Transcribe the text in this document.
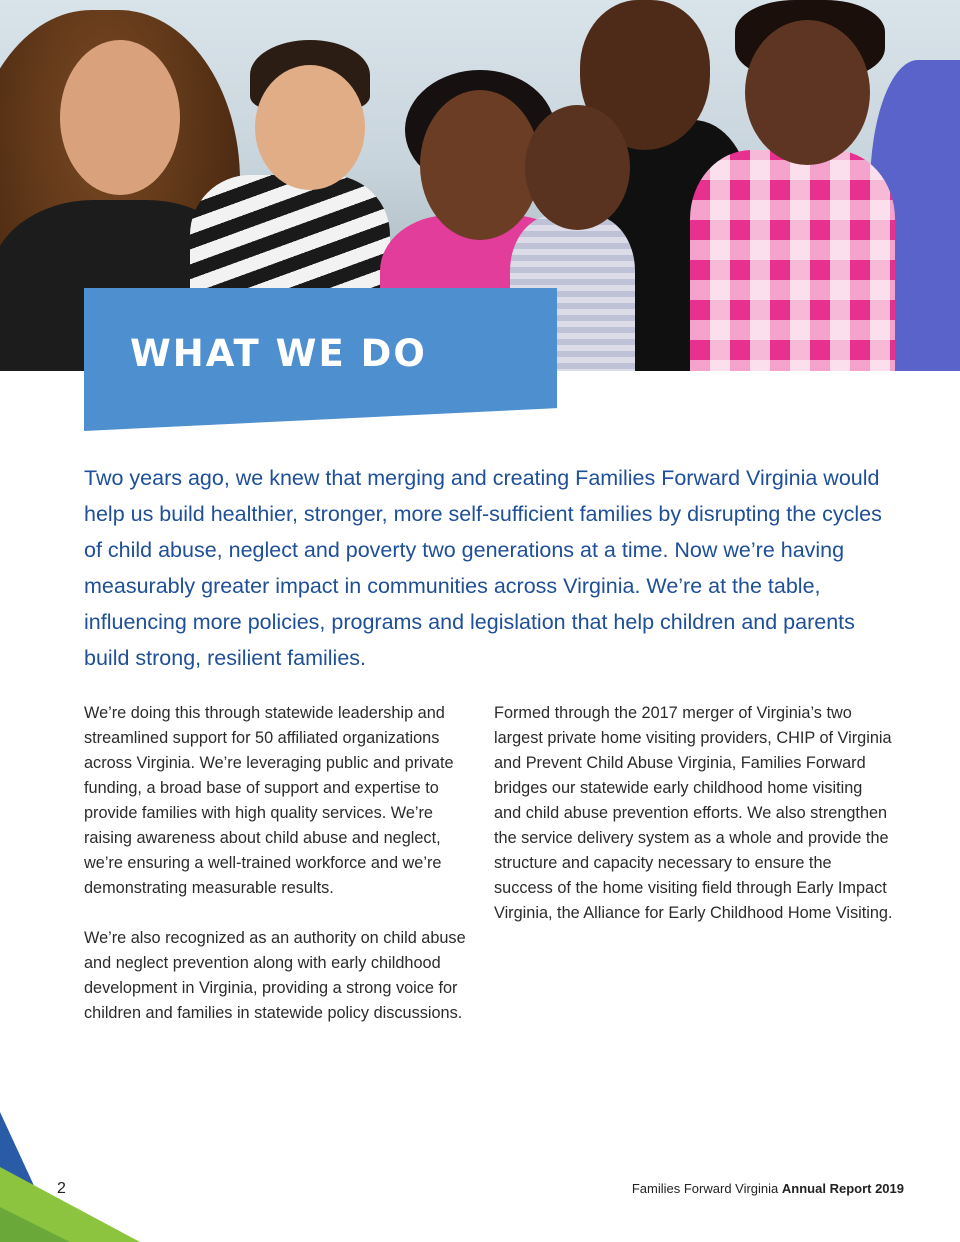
WHAT WE DO

Two years ago, we knew that merging and creating Families Forward Virginia would help us build healthier, stronger, more self-sufficient families by disrupting the cycles of child abuse, neglect and poverty two generations at a time. Now we’re having measurably greater impact in communities across Virginia. We’re at the table, influencing more policies, programs and legislation that help children and parents build strong, resilient families.

We’re doing this through statewide leadership and streamlined support for 50 affiliated organizations across Virginia. We’re leveraging public and private funding, a broad base of support and expertise to provide families with high quality services. We’re raising awareness about child abuse and neglect, we’re ensuring a well-trained workforce and we’re demonstrating measurable results.

We’re also recognized as an authority on child abuse and neglect prevention along with early childhood development in Virginia, providing a strong voice for children and families in statewide policy discussions.

Formed through the 2017 merger of Virginia’s two largest private home visiting providers, CHIP of Virginia and Prevent Child Abuse Virginia, Families Forward bridges our statewide early childhood home visiting and child abuse prevention efforts. We also strengthen the service delivery system as a whole and provide the structure and capacity necessary to ensure the success of the home visiting field through Early Impact Virginia, the Alliance for Early Childhood Home Visiting.

2	Families Forward Virginia Annual Report 2019
